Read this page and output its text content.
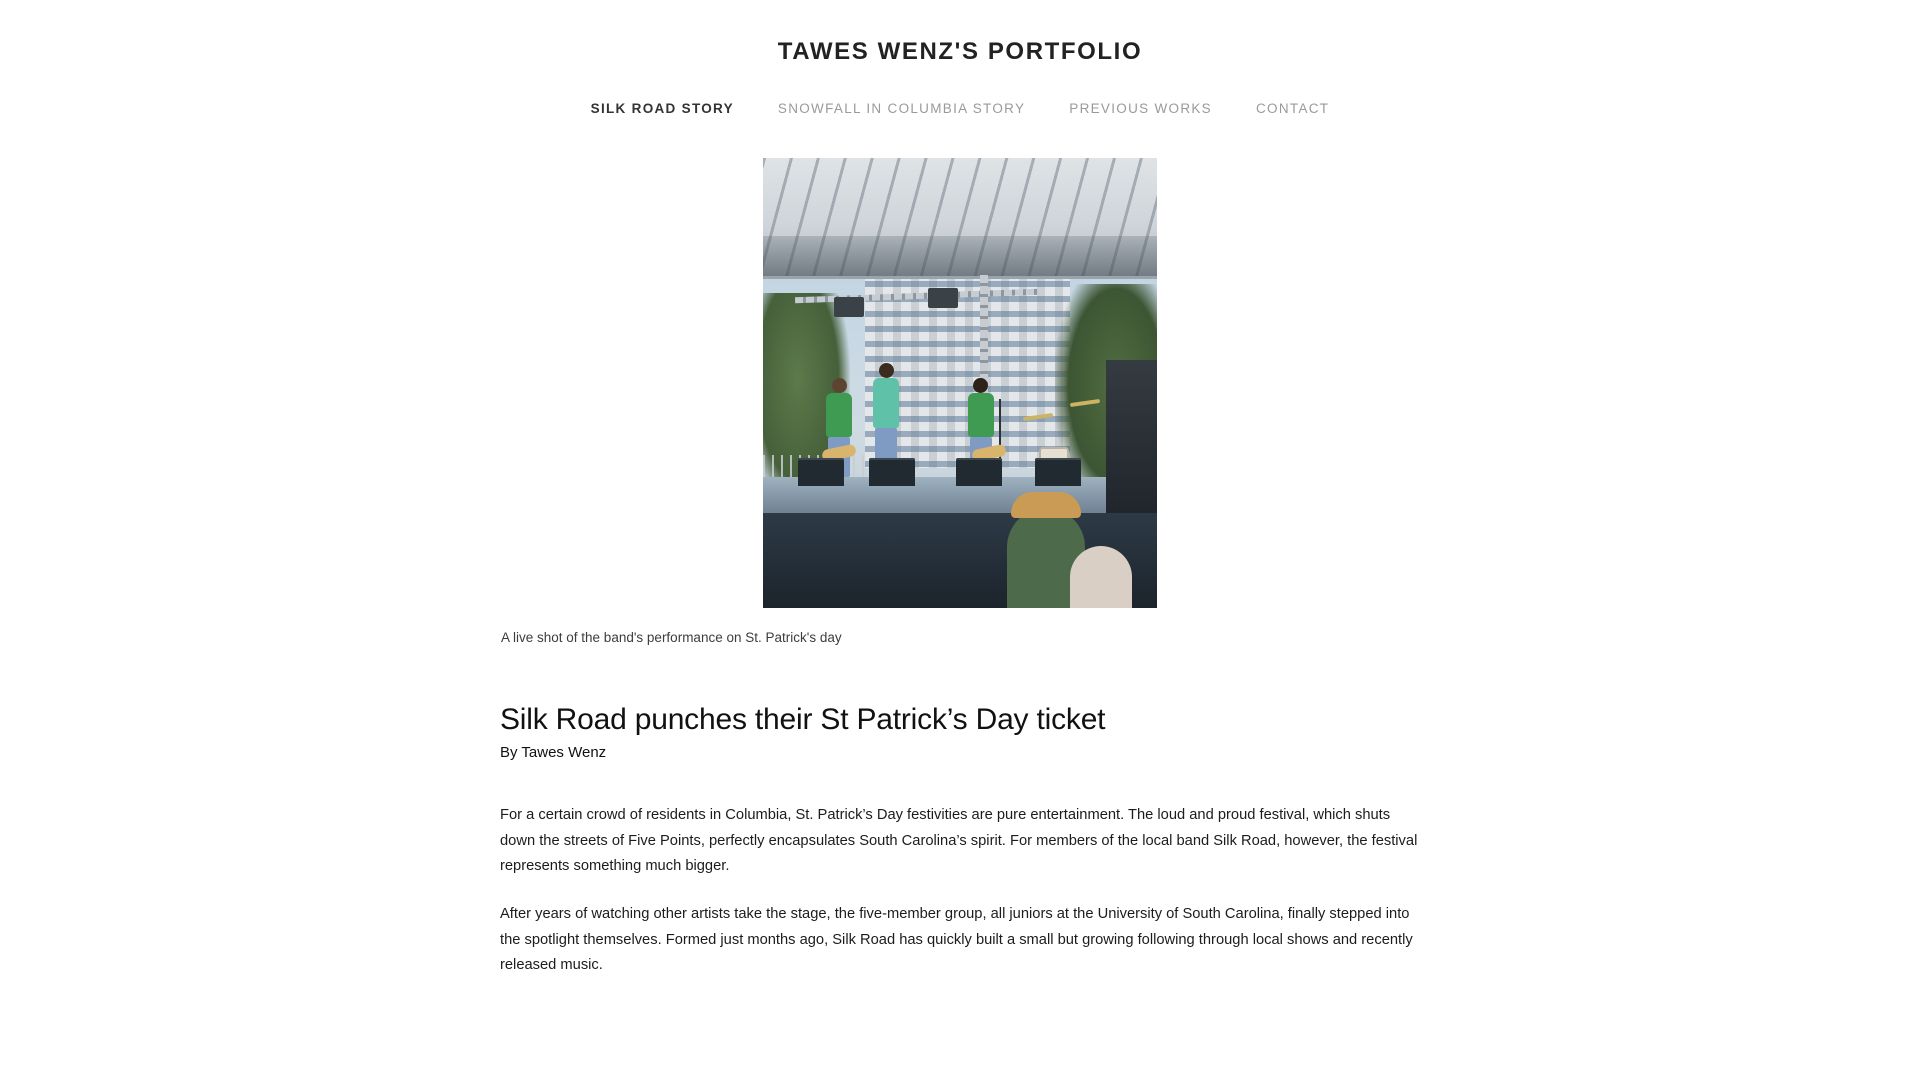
TAWES WENZ'S PORTFOLIO
SILK ROAD STORY	SNOWFALL IN COLUMBIA STORY	PREVIOUS WORKS	CONTACT
A live shot of the band's performance on St. Patrick's day
Silk Road punches their St Patrick’s Day ticket
By Tawes Wenz

For a certain crowd of residents in Columbia, St. Patrick’s Day festivities are pure entertainment. The loud and proud festival, which shuts down the streets of Five Points, perfectly encapsulates South Carolina’s spirit. For members of the local band Silk Road, however, the festival represents something much bigger.

After years of watching other artists take the stage, the five-member group, all juniors at the University of South Carolina, finally stepped into the spotlight themselves. Formed just months ago, Silk Road has quickly built a small but growing following through local shows and recently released music.
